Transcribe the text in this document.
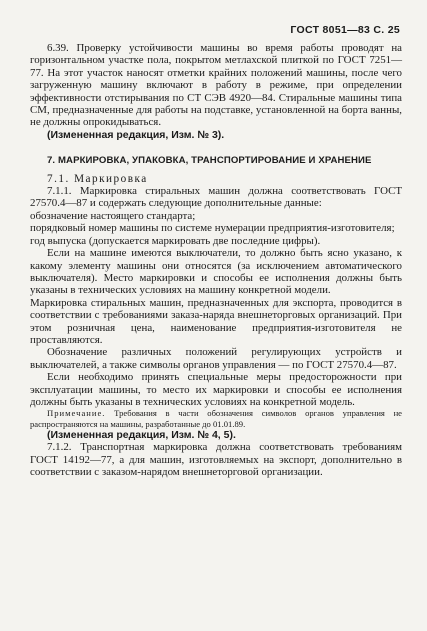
ГОСТ 8051—83 С. 25

6.39. Проверку устойчивости машины во время работы проводят на горизонтальном участке пола, покрытом метлахской плиткой по ГОСТ 7251—77. На этот участок наносят отметки крайних положений машины, после чего загруженную машину включают в работу в режиме, при определении эффективности отстирывания по СТ СЭВ 4920—84. Стиральные машины типа СМ, предназначенные для работы на подставке, установленной на борта ванны, не должны опрокидываться.

(Измененная редакция, Изм. № 3).

7. МАРКИРОВКА, УПАКОВКА, ТРАНСПОРТИРОВАНИЕ И ХРАНЕНИЕ

7.1. Маркировка

7.1.1. Маркировка стиральных машин должна соответствовать ГОСТ 27570.4—87 и содержать следующие дополнительные данные:

обозначение настоящего стандарта;

порядковый номер машины по системе нумерации предприятия-изготовителя;

год выпуска (допускается маркировать две последние цифры).

Если на машине имеются выключатели, то должно быть ясно указано, к какому элементу машины они относятся (за исключением автоматического выключателя). Место маркировки и способы ее исполнения должны быть указаны в технических условиях на машину конкретной модели.

Маркировка стиральных машин, предназначенных для экспорта, проводится в соответствии с требованиями заказа-наряда внешнеторговых организаций. При этом розничная цена, наименование предприятия-изготовителя не проставляются.

Обозначение различных положений регулирующих устройств и выключателей, а также символы органов управления — по ГОСТ 27570.4—87.

Если необходимо принять специальные меры предосторожности при эксплуатации машины, то место их маркировки и способы ее исполнения должны быть указаны в технических условиях на конкретной модель.

Примечание. Требования в части обозначения символов органов управления не распространяются на машины, разработанные до 01.01.89.

(Измененная редакция, Изм. № 4, 5).

7.1.2. Транспортная маркировка должна соответствовать требованиям ГОСТ 14192—77, а для машин, изготовляемых на экспорт, дополнительно в соответствии с заказом-нарядом внешнеторговой организации.
